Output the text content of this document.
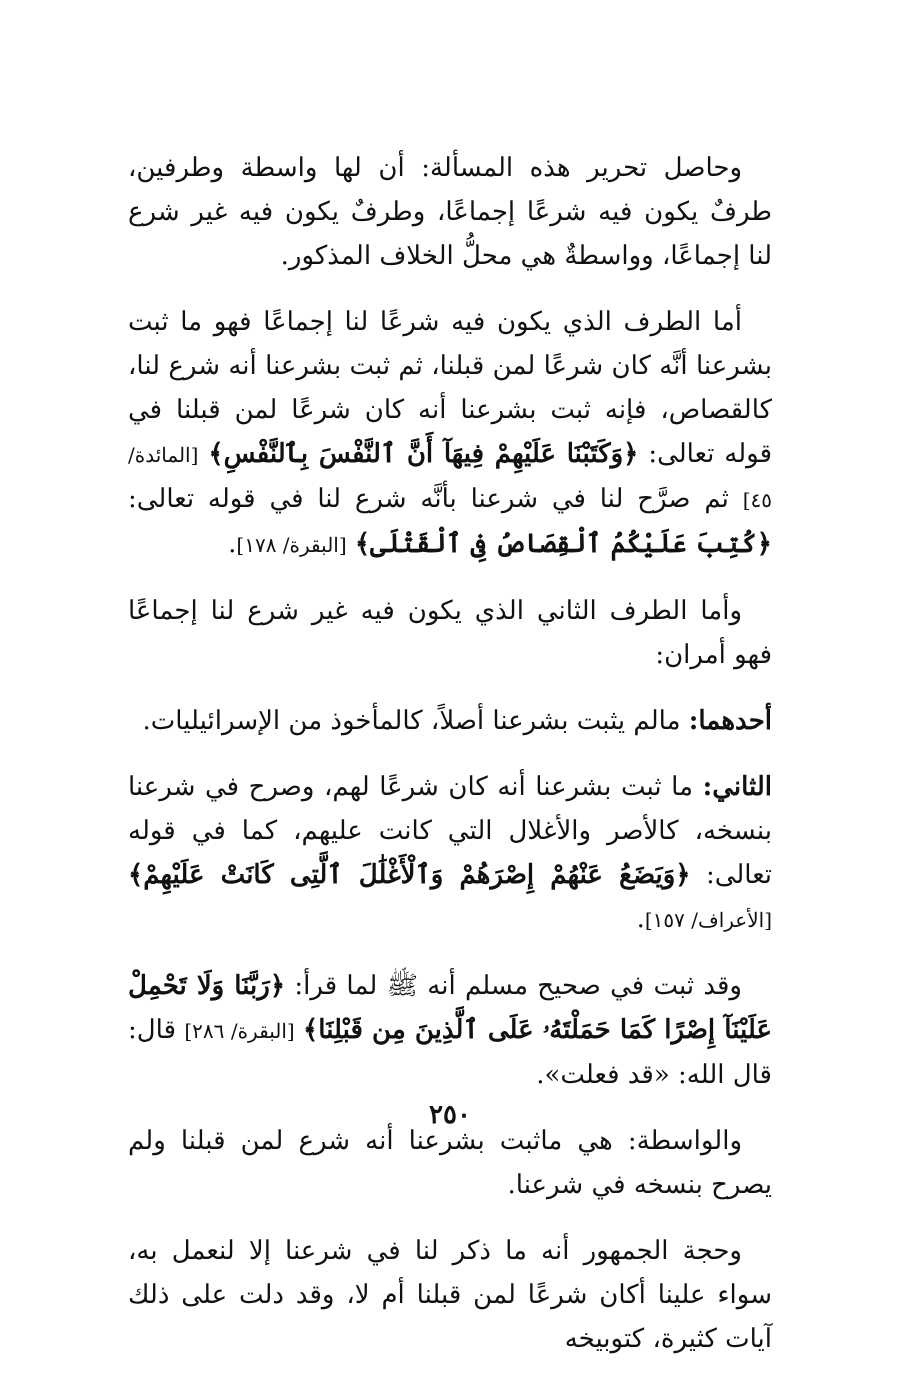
وحاصل تحرير هذه المسألة: أن لها واسطة وطرفين، طرفٌ يكون فيه شرعًا إجماعًا، وطرفٌ يكون فيه غير شرع لنا إجماعًا، وواسطةٌ هي محلُّ الخلاف المذكور.

أما الطرف الذي يكون فيه شرعًا لنا إجماعًا فهو ما ثبت بشرعنا أنَّه كان شرعًا لمن قبلنا، ثم ثبت بشرعنا أنه شرع لنا، كالقصاص، فإنه ثبت بشرعنا أنه كان شرعًا لمن قبلنا في قوله تعالى: ﴿وَكَتَبْنَا عَلَيْهِمْ فِيهَآ أَنَّ ٱلنَّفْسَ بِٱلنَّفْسِ﴾ [المائدة/ ٤٥] ثم صرَّح لنا في شرعنا بأنَّه شرع لنا في قوله تعالى: ﴿كُتِبَ عَلَيْكُمُ ٱلْقِصَاصُ فِى ٱلْقَتْلَى﴾ [البقرة/ ١٧٨].

وأما الطرف الثاني الذي يكون فيه غير شرع لنا إجماعًا فهو أمران:

أحدهما: مالم يثبت بشرعنا أصلاً، كالمأخوذ من الإسرائيليات.

الثاني: ما ثبت بشرعنا أنه كان شرعًا لهم، وصرح في شرعنا بنسخه، كالأصر والأغلال التي كانت عليهم، كما في قوله تعالى: ﴿وَيَضَعُ عَنْهُمْ إِصْرَهُمْ وَٱلْأَغْلَٰلَ ٱلَّتِى كَانَتْ عَلَيْهِمْ﴾ [الأعراف/ ١٥٧].

وقد ثبت في صحيح مسلم أنه ﷺ لما قرأ: ﴿رَبَّنَا وَلَا تَحْمِلْ عَلَيْنَآ إِصْرًا كَمَا حَمَلْتَهُۥ عَلَى ٱلَّذِينَ مِن قَبْلِنَا﴾ [البقرة/ ٢٨٦] قال: قال الله: «قد فعلت».

والواسطة: هي ماثبت بشرعنا أنه شرع لمن قبلنا ولم يصرح بنسخه في شرعنا.

وحجة الجمهور أنه ما ذكر لنا في شرعنا إلا لنعمل به، سواء علينا أكان شرعًا لمن قبلنا أم لا، وقد دلت على ذلك آيات كثيرة، كتوبيخه

٢٥٠
